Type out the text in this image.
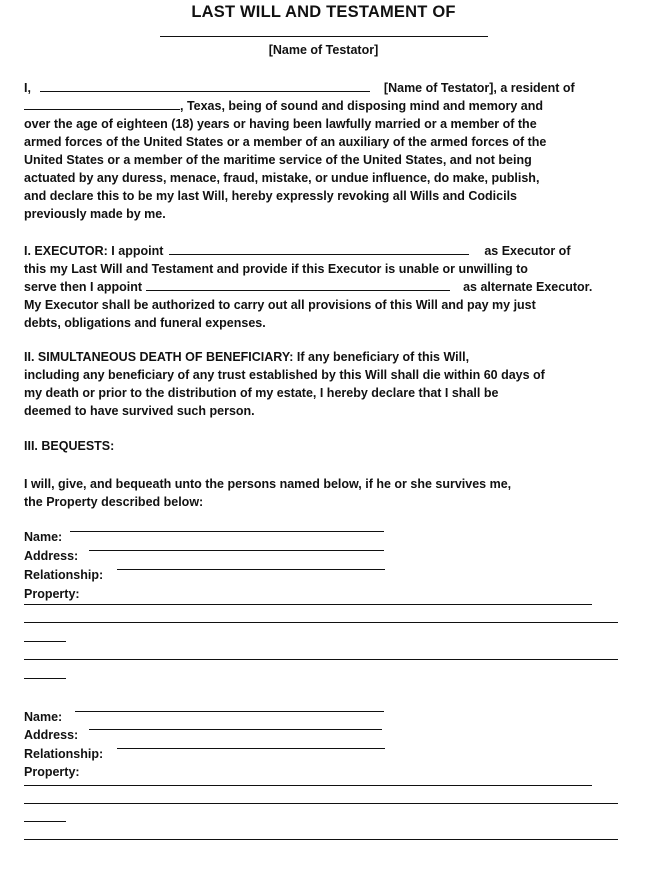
LAST WILL AND TESTAMENT OF
[Name of Testator]
I,	[Name of Testator], a resident of
, Texas, being of sound and disposing mind and memory and
over the age of eighteen (18) years or having been lawfully married or a member of the
armed forces of the United States or a member of an auxiliary of the armed forces of the
United States or a member of the maritime service of the United States, and not being
actuated by any duress, menace, fraud, mistake, or undue influence, do make, publish,
and declare this to be my last Will, hereby expressly revoking all Wills and Codicils
previously made by me.
I. EXECUTOR: I appoint	as Executor of
this my Last Will and Testament and provide if this Executor is unable or unwilling to
serve then I appoint	as alternate Executor.
My Executor shall be authorized to carry out all provisions of this Will and pay my just
debts, obligations and funeral expenses.
II. SIMULTANEOUS DEATH OF BENEFICIARY: If any beneficiary of this Will,
including any beneficiary of any trust established by this Will shall die within 60 days of
my death or prior to the distribution of my estate, I hereby declare that I shall be
deemed to have survived such person.
III. BEQUESTS:
I will, give, and bequeath unto the persons named below, if he or she survives me,
the Property described below:
Name:
Address:
Relationship:
Property:
Name:
Address:
Relationship:
Property:
